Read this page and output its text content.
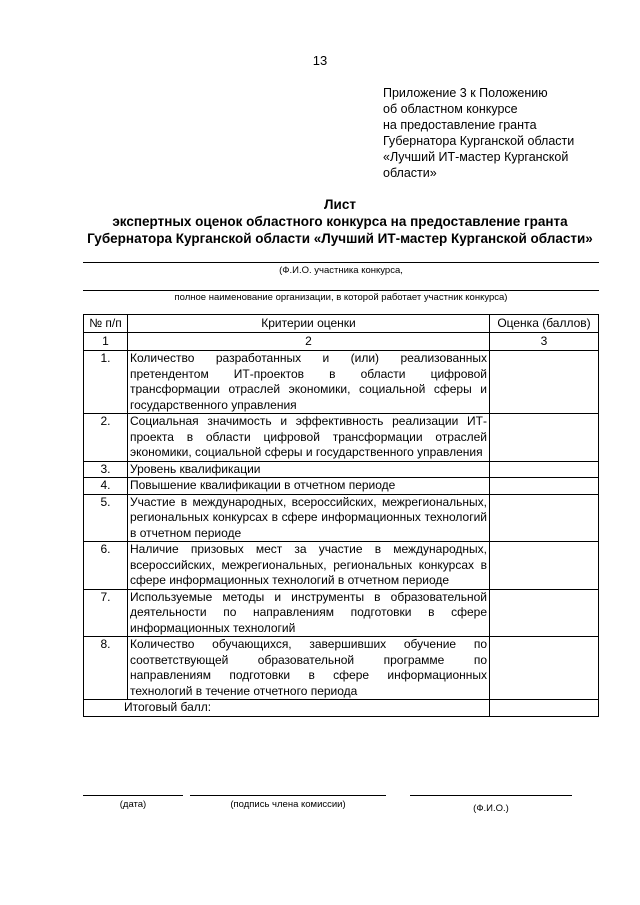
13
Приложение 3 к Положению
об областном конкурсе
на предоставление гранта
Губернатора Курганской области
«Лучший ИТ-мастер Курганской
области»
Лист
экспертных оценок областного конкурса на предоставление гранта
Губернатора Курганской области «Лучший ИТ-мастер Курганской области»
(Ф.И.О. участника конкурса,
полное наименование организации, в которой работает участник конкурса)
№ п/п	Критерии оценки	Оценка (баллов)
1	2	3
1.	Количество разработанных и (или) реализованных претендентом ИТ-проектов в области цифровой трансформации отраслей экономики, социальной сферы и государственного управления	
2.	Социальная значимость и эффективность реализации ИТ-проекта в области цифровой трансформации отраслей экономики, социальной сферы и государственного управления	
3.	Уровень квалификации	
4.	Повышение квалификации в отчетном периоде	
5.	Участие в международных, всероссийских, межрегиональных, региональных конкурсах в сфере информационных технологий в отчетном периоде	
6.	Наличие призовых мест за участие в международных, всероссийских, межрегиональных, региональных конкурсах в сфере информационных технологий в отчетном периоде	
7.	Используемые методы и инструменты в образовательной деятельности по направлениям подготовки в сфере информационных технологий	
8.	Количество обучающихся, завершивших обучение по соответствующей образовательной программе по направлениям подготовки в сфере информационных технологий в течение отчетного периода	
Итоговый балл:		
(дата)	(подпись члена комиссии)	(Ф.И.О.)
